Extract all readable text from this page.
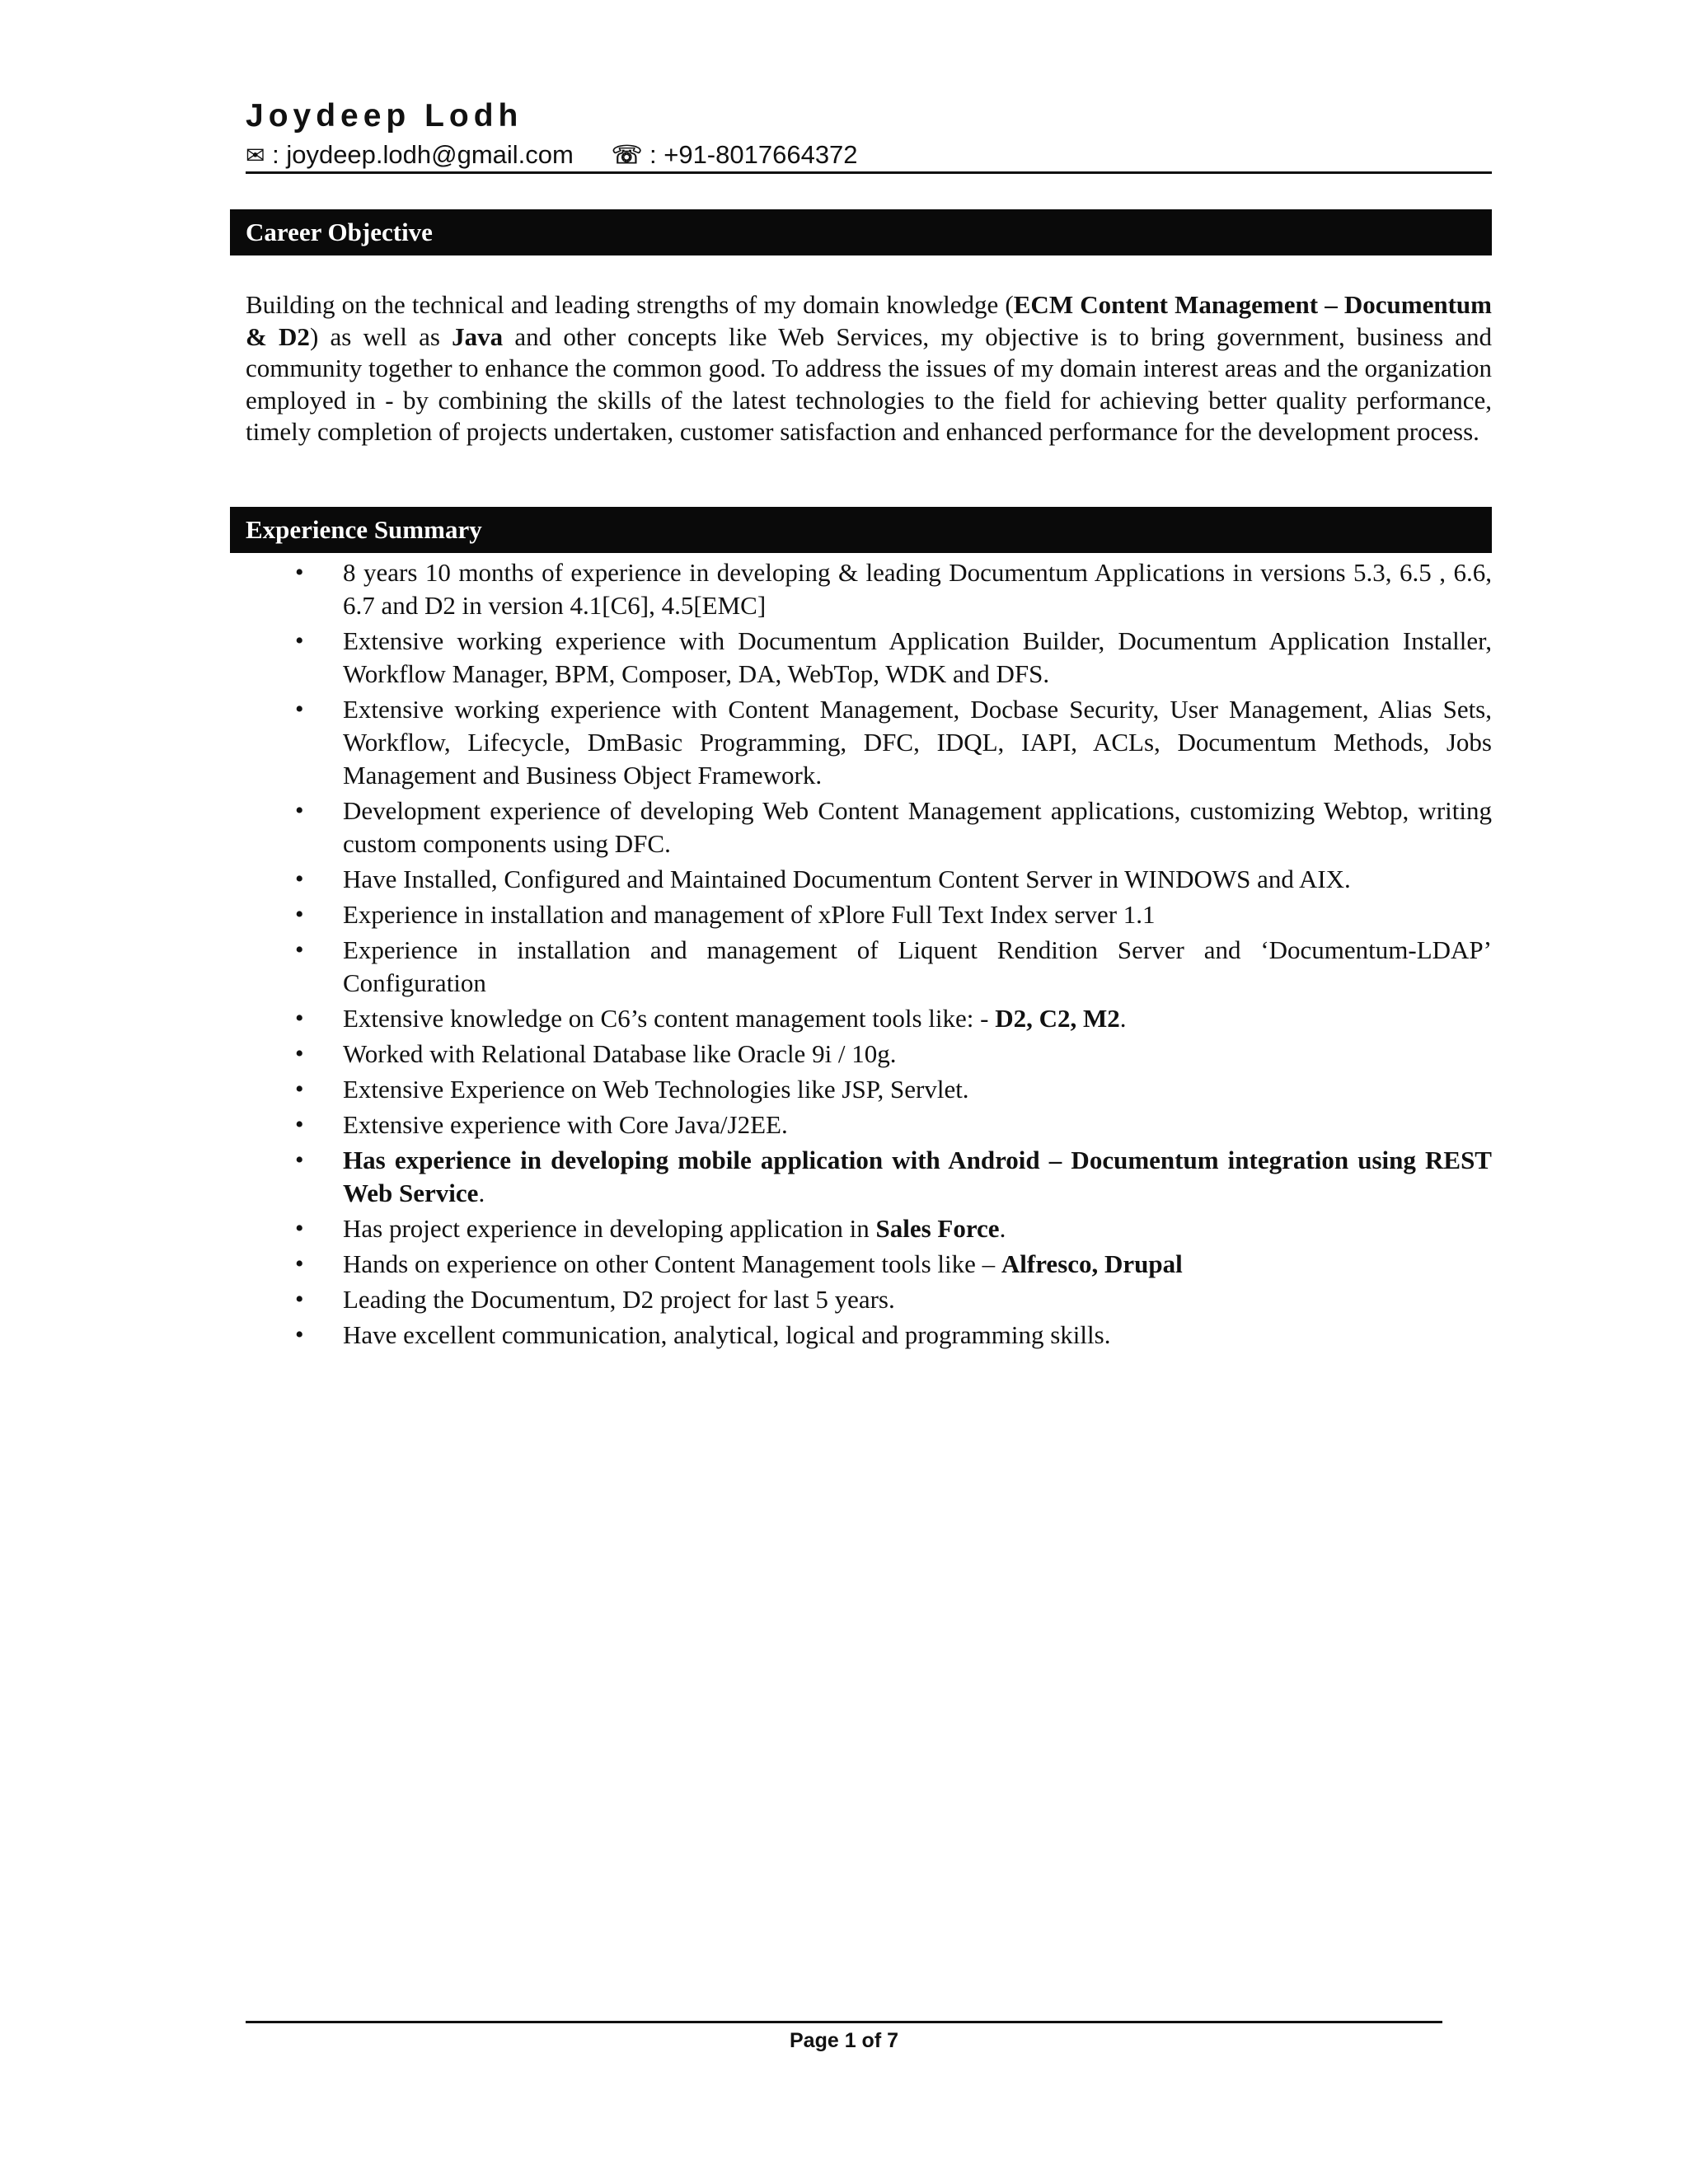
Joydeep Lodh
✉ : joydeep.lodh@gmail.com ☏ : +91-8017664372
Career Objective
Building on the technical and leading strengths of my domain knowledge (ECM Content Management – Documentum & D2) as well as Java and other concepts like Web Services, my objective is to bring government, business and community together to enhance the common good. To address the issues of my domain interest areas and the organization employed in - by combining the skills of the latest technologies to the field for achieving better quality performance, timely completion of projects undertaken, customer satisfaction and enhanced performance for the development process.
Experience Summary
• 8 years 10 months of experience in developing & leading Documentum Applications in versions 5.3, 6.5 , 6.6, 6.7 and D2 in version 4.1[C6], 4.5[EMC]
• Extensive working experience with Documentum Application Builder, Documentum Application Installer, Workflow Manager, BPM, Composer, DA, WebTop, WDK and DFS.
• Extensive working experience with Content Management, Docbase Security, User Management, Alias Sets, Workflow, Lifecycle, DmBasic Programming, DFC, IDQL, IAPI, ACLs, Documentum Methods, Jobs Management and Business Object Framework.
• Development experience of developing Web Content Management applications, customizing Webtop, writing custom components using DFC.
• Have Installed, Configured and Maintained Documentum Content Server in WINDOWS and AIX.
• Experience in installation and management of xPlore Full Text Index server 1.1
• Experience in installation and management of Liquent Rendition Server and ‘Documentum-LDAP’ Configuration
• Extensive knowledge on C6’s content management tools like: - D2, C2, M2.
• Worked with Relational Database like Oracle 9i / 10g.
• Extensive Experience on Web Technologies like JSP, Servlet.
• Extensive experience with Core Java/J2EE.
• Has experience in developing mobile application with Android – Documentum integration using REST Web Service.
• Has project experience in developing application in Sales Force.
• Hands on experience on other Content Management tools like – Alfresco, Drupal
• Leading the Documentum, D2 project for last 5 years.
• Have excellent communication, analytical, logical and programming skills.
Page 1 of 7
